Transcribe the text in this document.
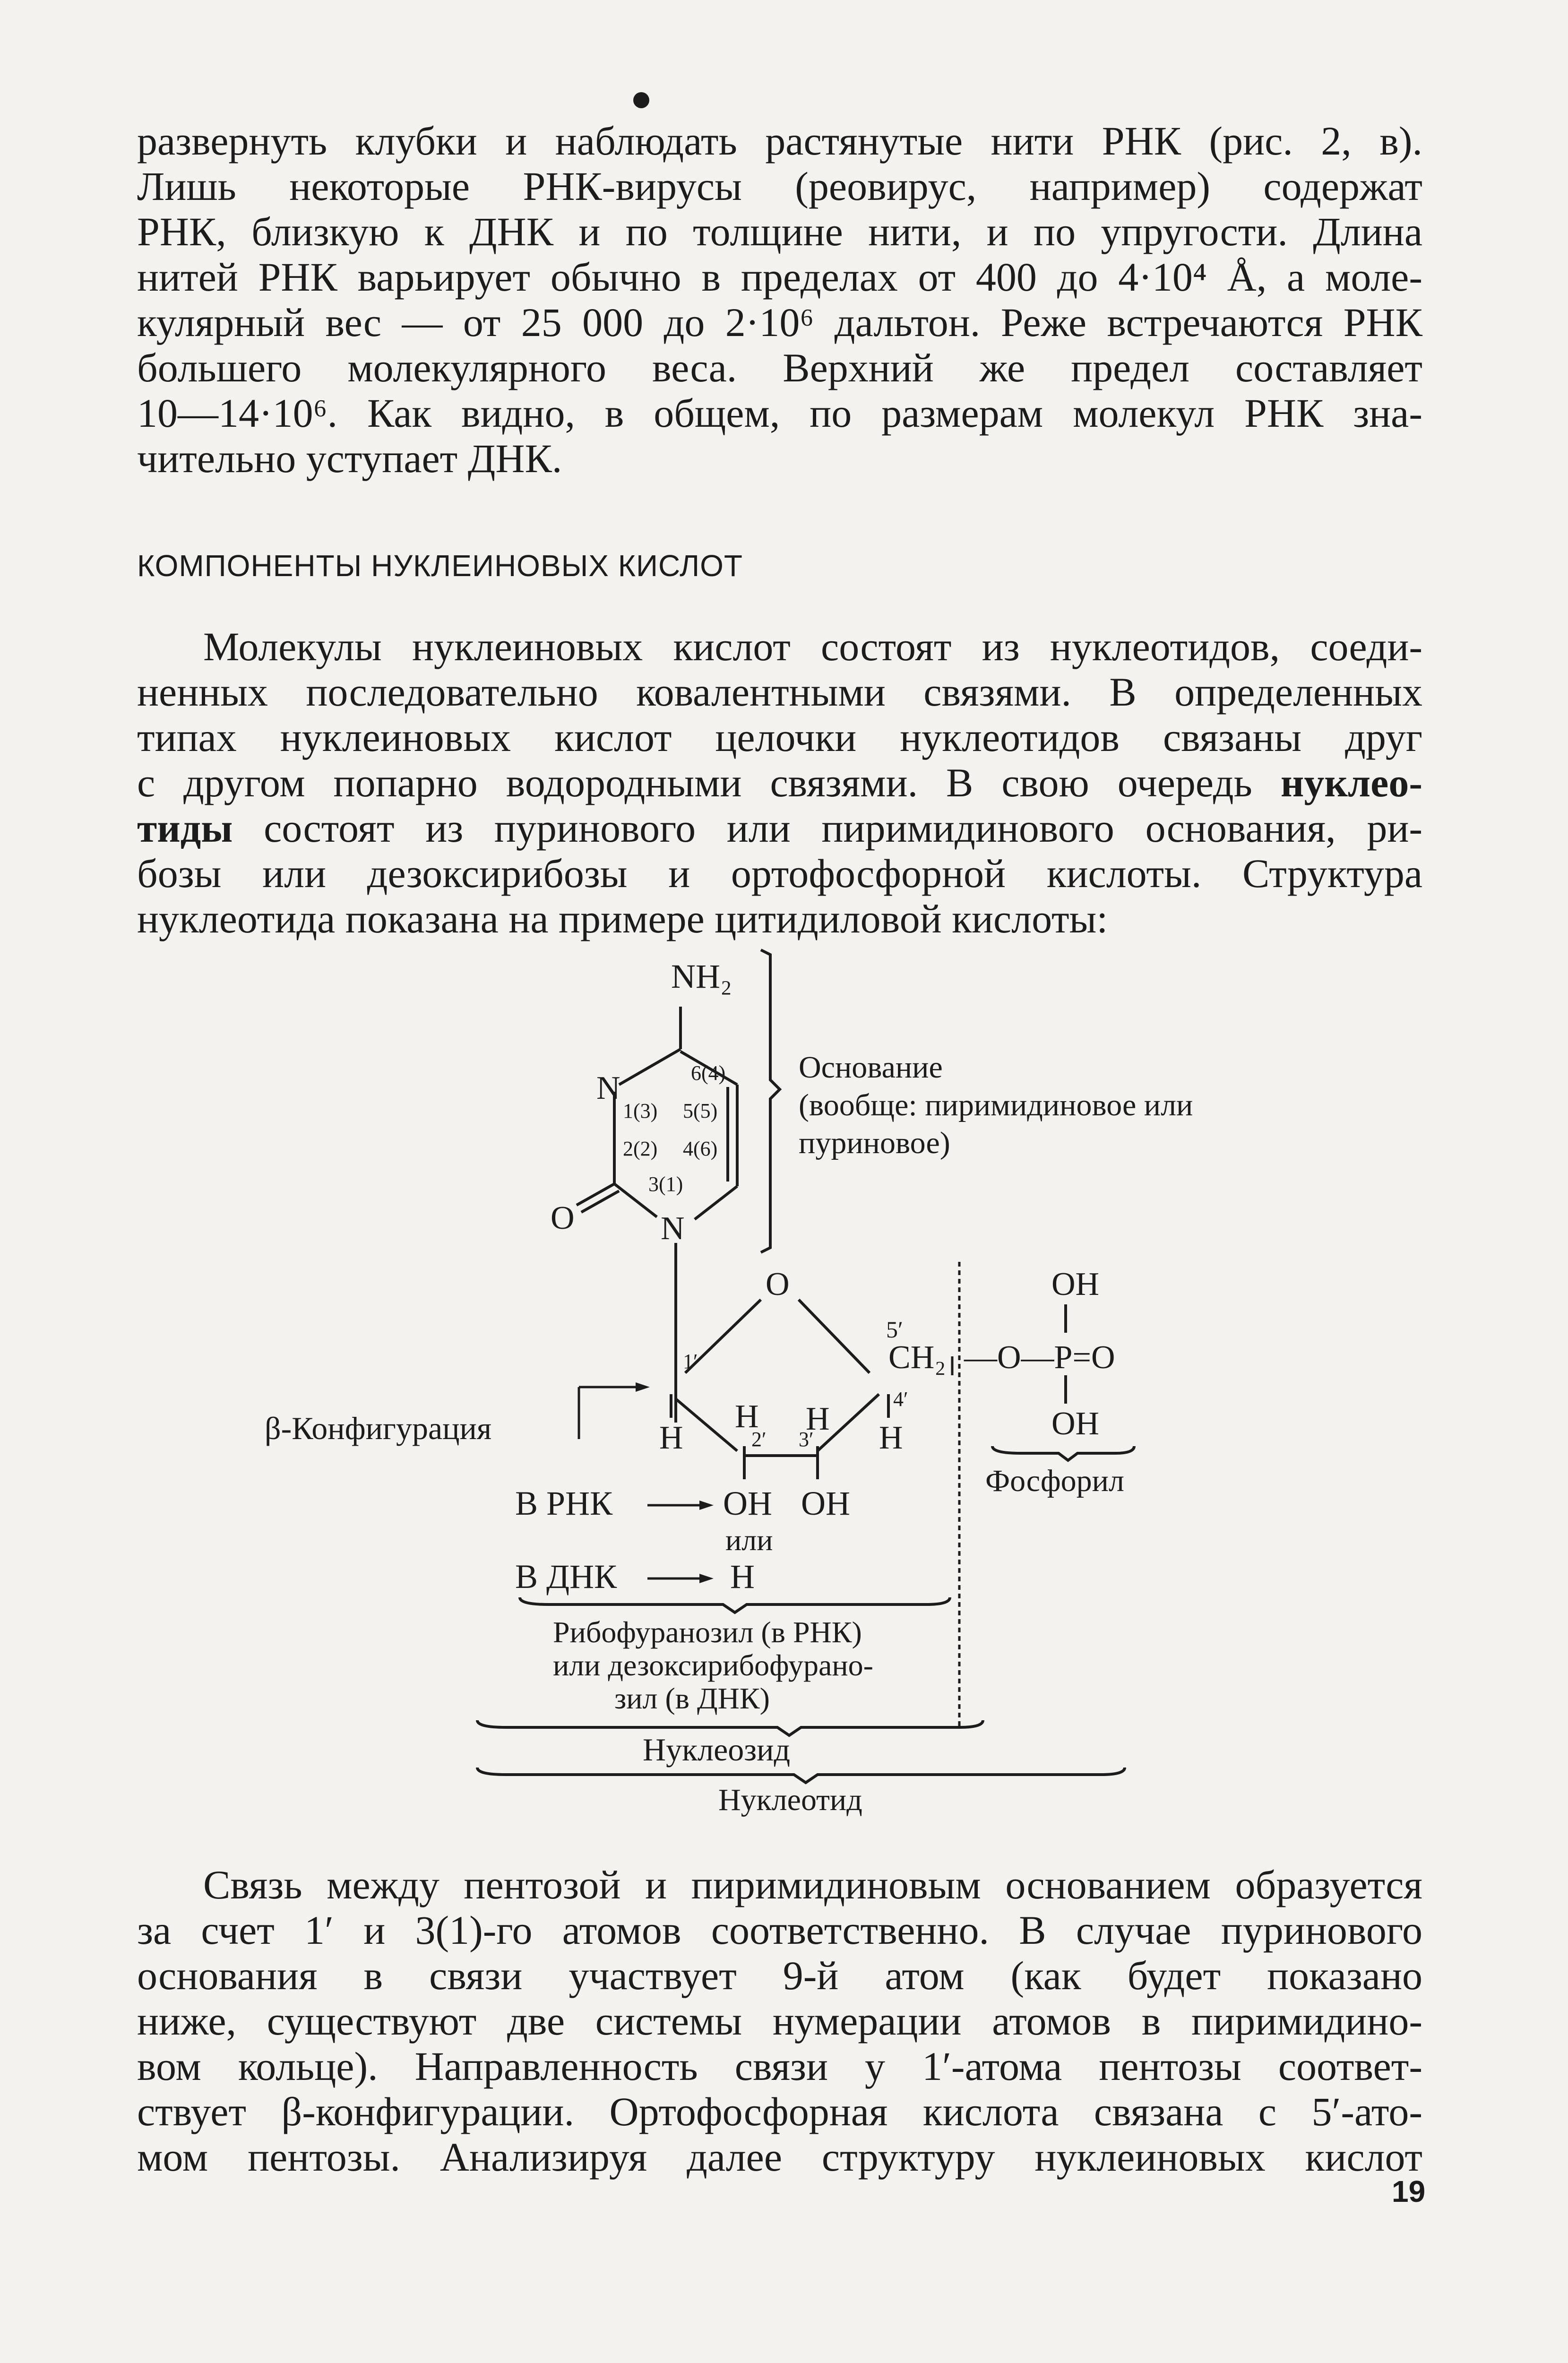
развернуть клубки и наблюдать растянутые нити РНК (рис. 2, в).
Лишь некоторые РНК-вирусы (реовирус, например) содержат
РНК, близкую к ДНК и по толщине нити, и по упругости. Длина
нитей РНК варьирует обычно в пределах от 400 до 4·10⁴ Å, а моле-
кулярный вес — от 25 000 до 2·10⁶ дальтон. Реже встречаются РНК
большего молекулярного веса. Верхний же предел составляет
10—14·10⁶. Как видно, в общем, по размерам молекул РНК зна-
чительно уступает ДНК.
КОМПОНЕНТЫ НУКЛЕИНОВЫХ КИСЛОТ
Молекулы нуклеиновых кислот состоят из нуклеотидов, соеди-
ненных последовательно ковалентными связями. В определенных
типах нуклеиновых кислот целочки нуклеотидов связаны друг
с другом попарно водородными связями. В свою очередь нуклео-
тиды состоят из пуринового или пиримидинового основания, ри-
бозы или дезоксирибозы и ортофосфорной кислоты. Структура
нуклеотида показана на примере цитидиловой кислоты:
NH₂
N
N
O
6(4)
1(3) 5(5)
2(2) 4(6)
3(1)
Основание
(вообще: пиримидиновое или
пуриновое)
O
5′
CH₂
1′
4′
2′ 3′
H	H
H H
OH
—O—P=O
OH
Фосфорил
β-Конфигурация
В РНК	OH OH
или
В ДНК	H
Рибофуранозил (в РНК)
или дезоксирибофурано-
зил (в ДНК)
Нуклеозид
Нуклеотид
Связь между пентозой и пиримидиновым основанием образуется
за счет 1′ и 3(1)-го атомов соответственно. В случае пуринового
основания в связи участвует 9-й атом (как будет показано
ниже, существуют две системы нумерации атомов в пиримидино-
вом кольце). Направленность связи у 1′-атома пентозы соответ-
ствует β-конфигурации. Ортофосфорная кислота связана с 5′-ато-
мом пентозы. Анализируя далее структуру нуклеиновых кислот
19
